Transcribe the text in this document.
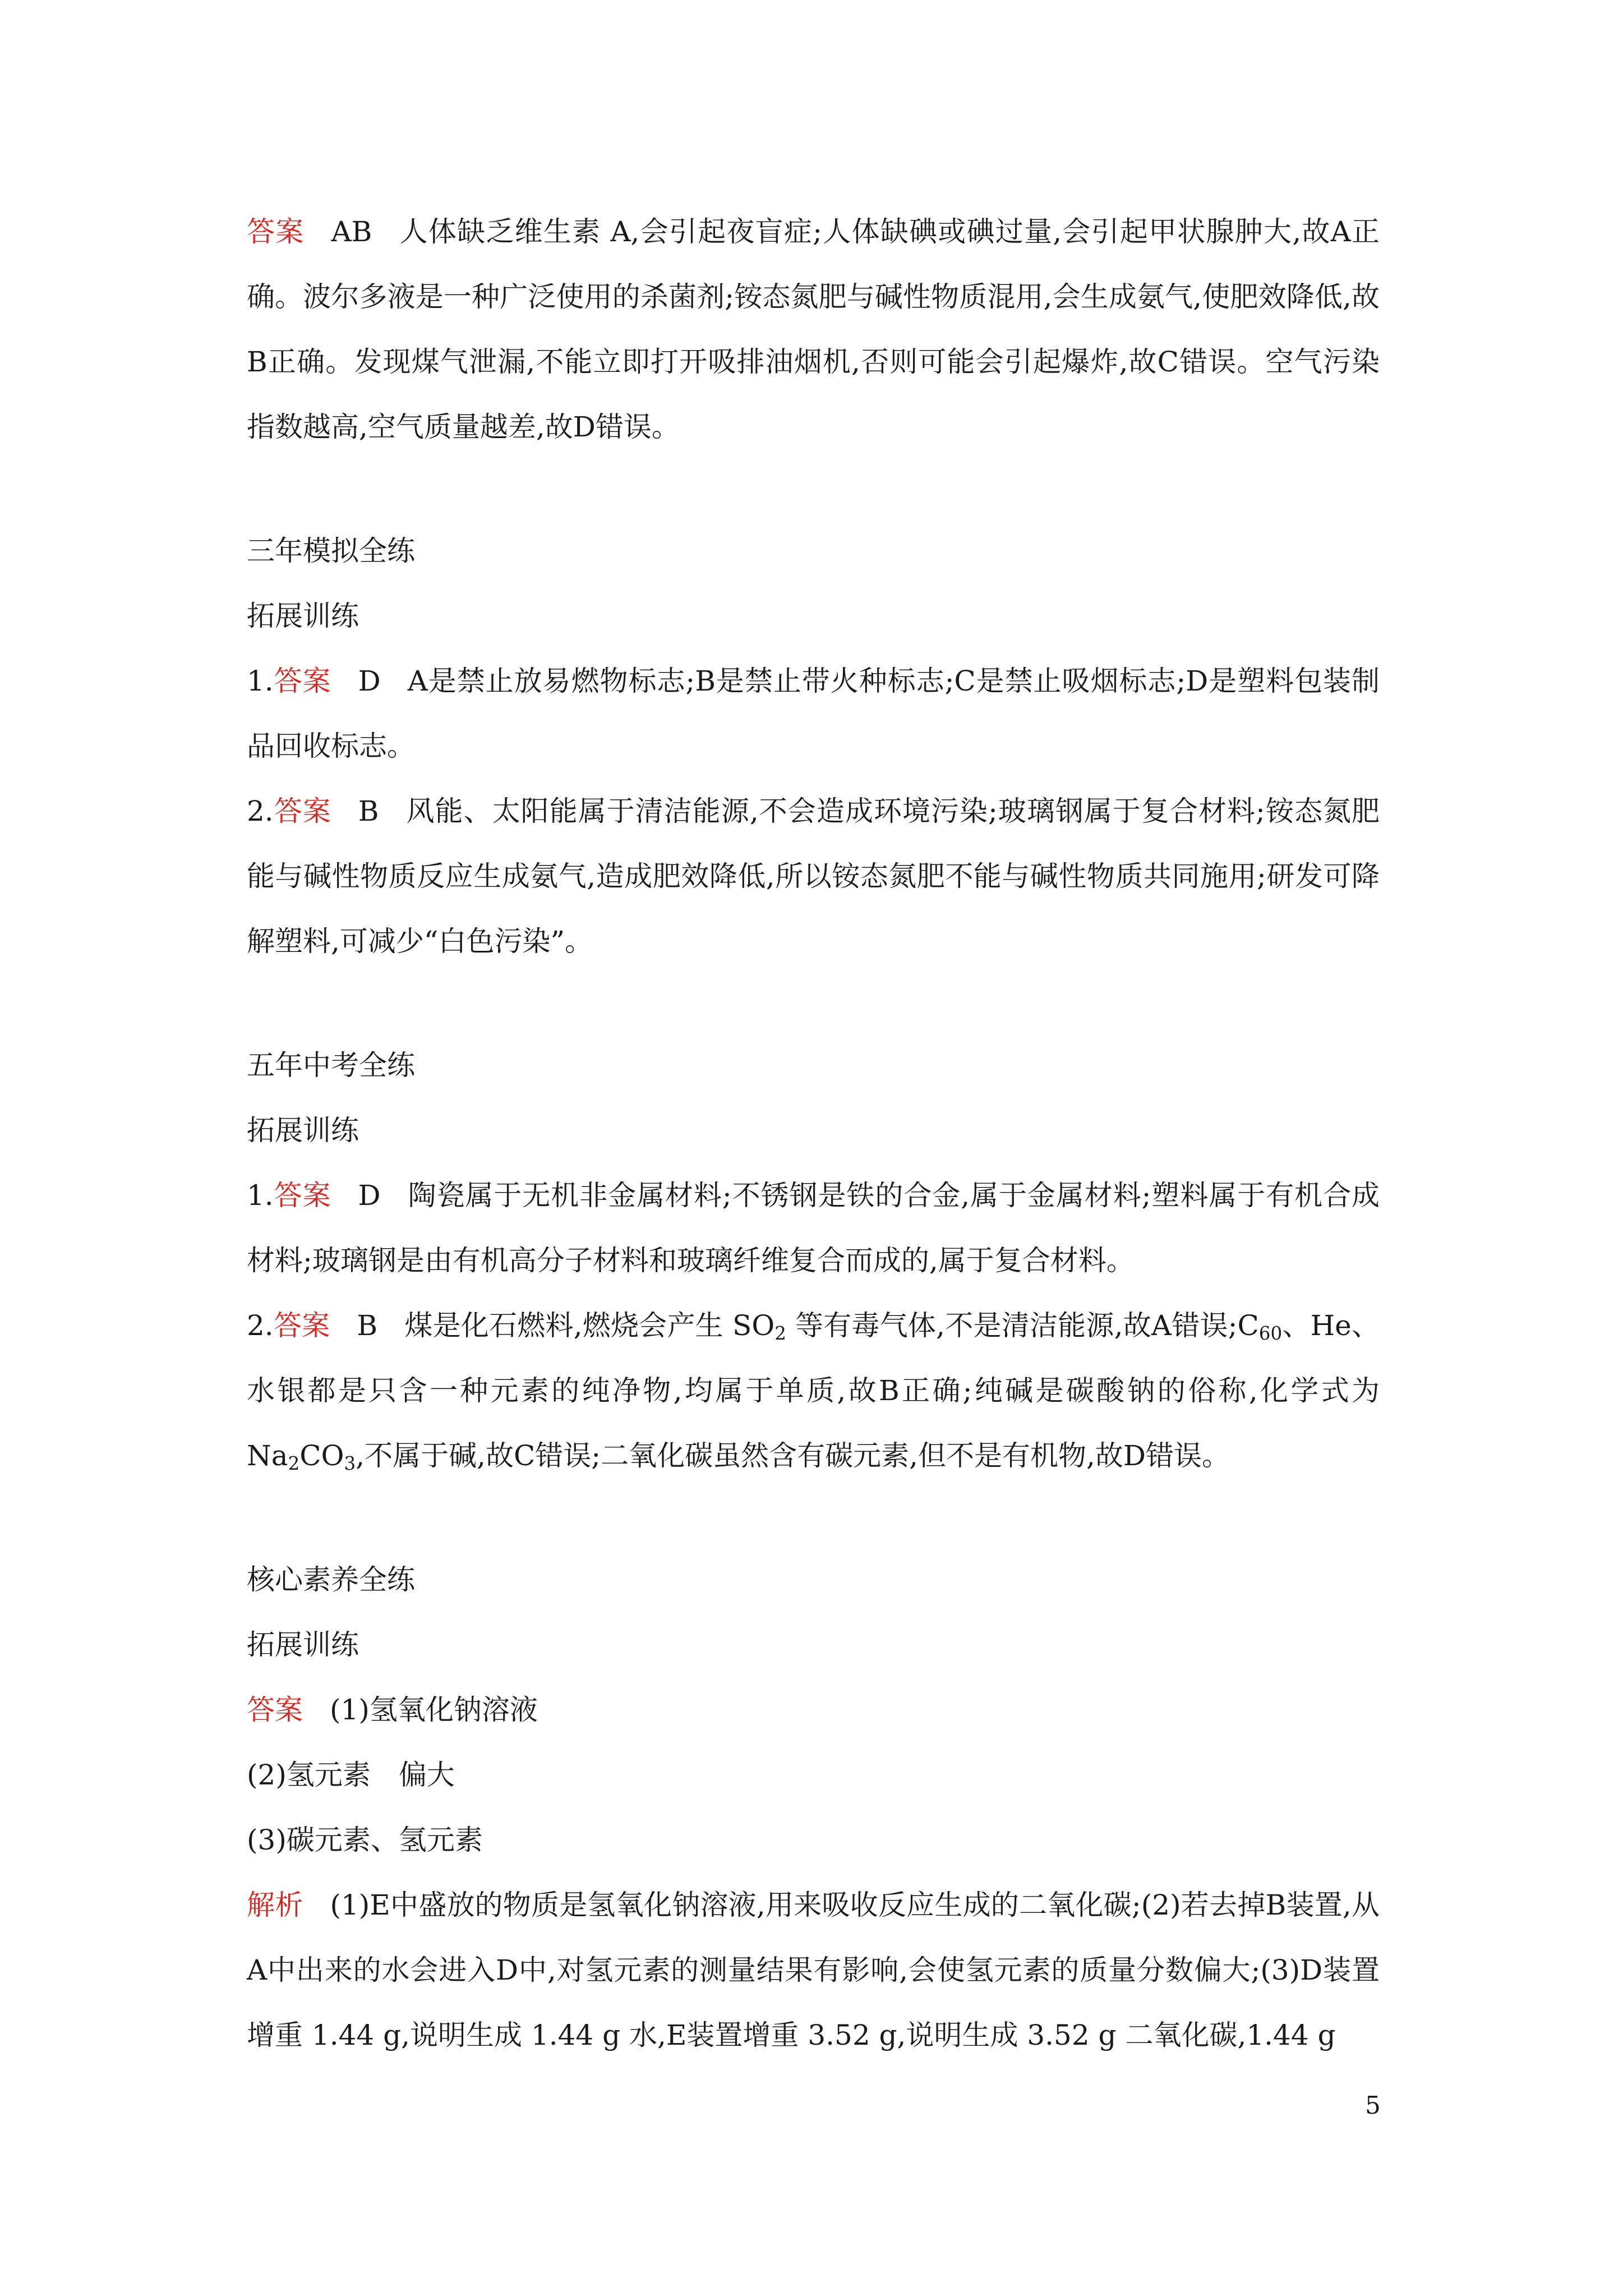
答案 AB 人体缺乏维生素 A,会引起夜盲症;人体缺碘或碘过量,会引起甲状腺肿大,故A正确。波尔多液是一种广泛使用的杀菌剂;铵态氮肥与碱性物质混用,会生成氨气,使肥效降低,故B正确。发现煤气泄漏,不能立即打开吸排油烟机,否则可能会引起爆炸,故C错误。空气污染指数越高,空气质量越差,故D错误。

三年模拟全练

拓展训练

1.答案 D A是禁止放易燃物标志;B是禁止带火种标志;C是禁止吸烟标志;D是塑料包装制品回收标志。

2.答案 B 风能、太阳能属于清洁能源,不会造成环境污染;玻璃钢属于复合材料;铵态氮肥能与碱性物质反应生成氨气,造成肥效降低,所以铵态氮肥不能与碱性物质共同施用;研发可降解塑料,可减少“白色污染”。

五年中考全练

拓展训练

1.答案 D 陶瓷属于无机非金属材料;不锈钢是铁的合金,属于金属材料;塑料属于有机合成材料;玻璃钢是由有机高分子材料和玻璃纤维复合而成的,属于复合材料。

2.答案 B 煤是化石燃料,燃烧会产生 $SO_2$ 等有毒气体,不是清洁能源,故A错误$;C_{60}$、He、水银都是只含一种元素的纯净物,均属于单质,故B正确;纯碱是碳酸钠的俗称,化学式为$Na_2CO_3$,不属于碱,故C错误;二氧化碳虽然含有碳元素,但不是有机物,故D错误。

核心素养全练

拓展训练

答案 (1)氢氧化钠溶液

(2)氢元素　偏大

(3)碳元素、氢元素

解析 (1)E中盛放的物质是氢氧化钠溶液,用来吸收反应生成的二氧化碳;(2)若去掉B装置,从A中出来的水会进入D中,对氢元素的测量结果有影响,会使氢元素的质量分数偏大;(3)D装置增重 1.44 g,说明生成 1.44 g 水,E装置增重 3.52 g,说明生成 3.52 g 二氧化碳,1.44 g

5
